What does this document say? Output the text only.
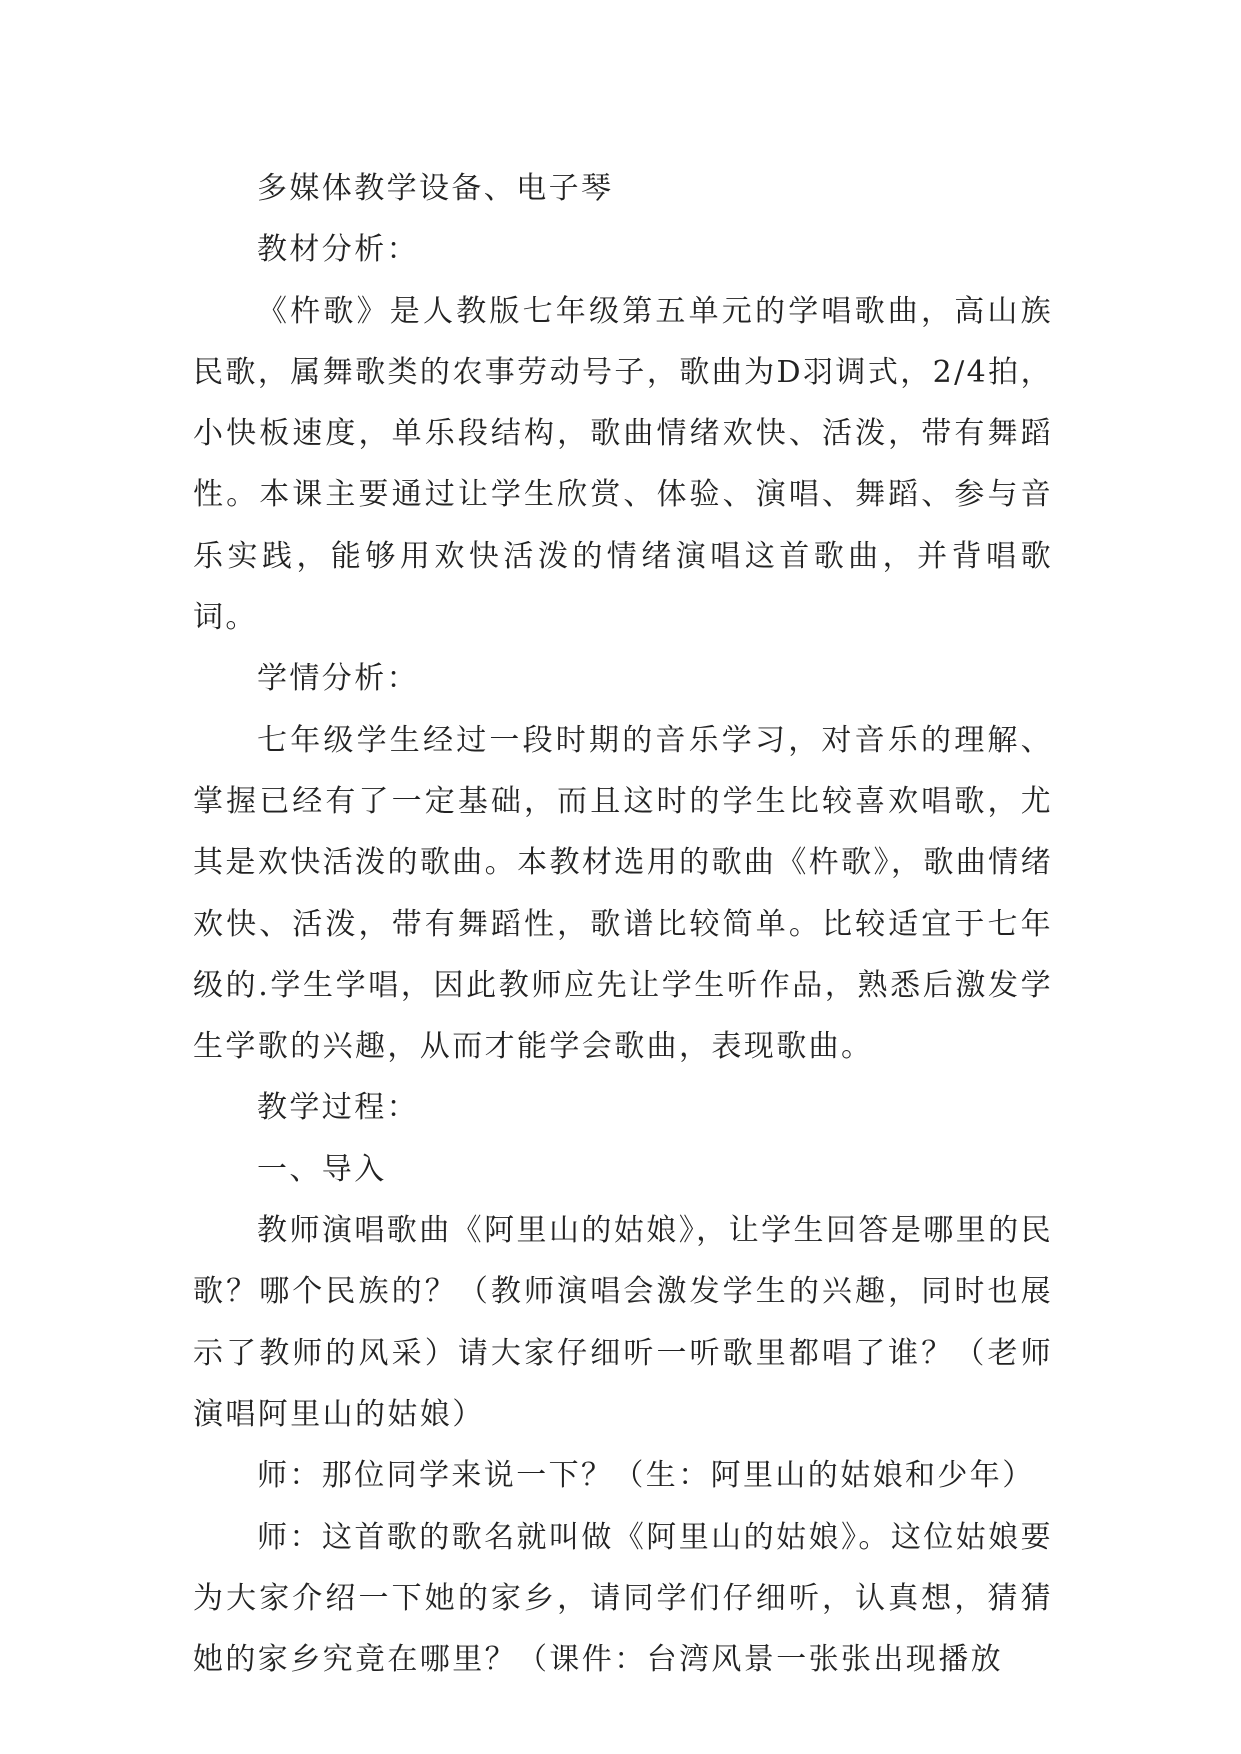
多媒体教学设备、电子琴

教材分析：

《杵歌》是人教版七年级第五单元的学唱歌曲，高山族民歌，属舞歌类的农事劳动号子，歌曲为D羽调式，2/4拍，小快板速度，单乐段结构，歌曲情绪欢快、活泼，带有舞蹈性。本课主要通过让学生欣赏、体验、演唱、舞蹈、参与音乐实践，能够用欢快活泼的情绪演唱这首歌曲，并背唱歌词。

学情分析：

七年级学生经过一段时期的音乐学习，对音乐的理解、掌握已经有了一定基础，而且这时的学生比较喜欢唱歌，尤其是欢快活泼的歌曲。本教材选用的歌曲《杵歌》，歌曲情绪欢快、活泼，带有舞蹈性，歌谱比较简单。比较适宜于七年级的.学生学唱，因此教师应先让学生听作品，熟悉后激发学生学歌的兴趣，从而才能学会歌曲，表现歌曲。

教学过程：

一、导入

教师演唱歌曲《阿里山的姑娘》，让学生回答是哪里的民歌？哪个民族的？（教师演唱会激发学生的兴趣，同时也展示了教师的风采）请大家仔细听一听歌里都唱了谁？（老师演唱阿里山的姑娘）

师：那位同学来说一下？（生：阿里山的姑娘和少年）

师：这首歌的歌名就叫做《阿里山的姑娘》。这位姑娘要为大家介绍一下她的家乡，请同学们仔细听，认真想，猜猜她的家乡究竟在哪里？（课件：台湾风景一张张出现播放
